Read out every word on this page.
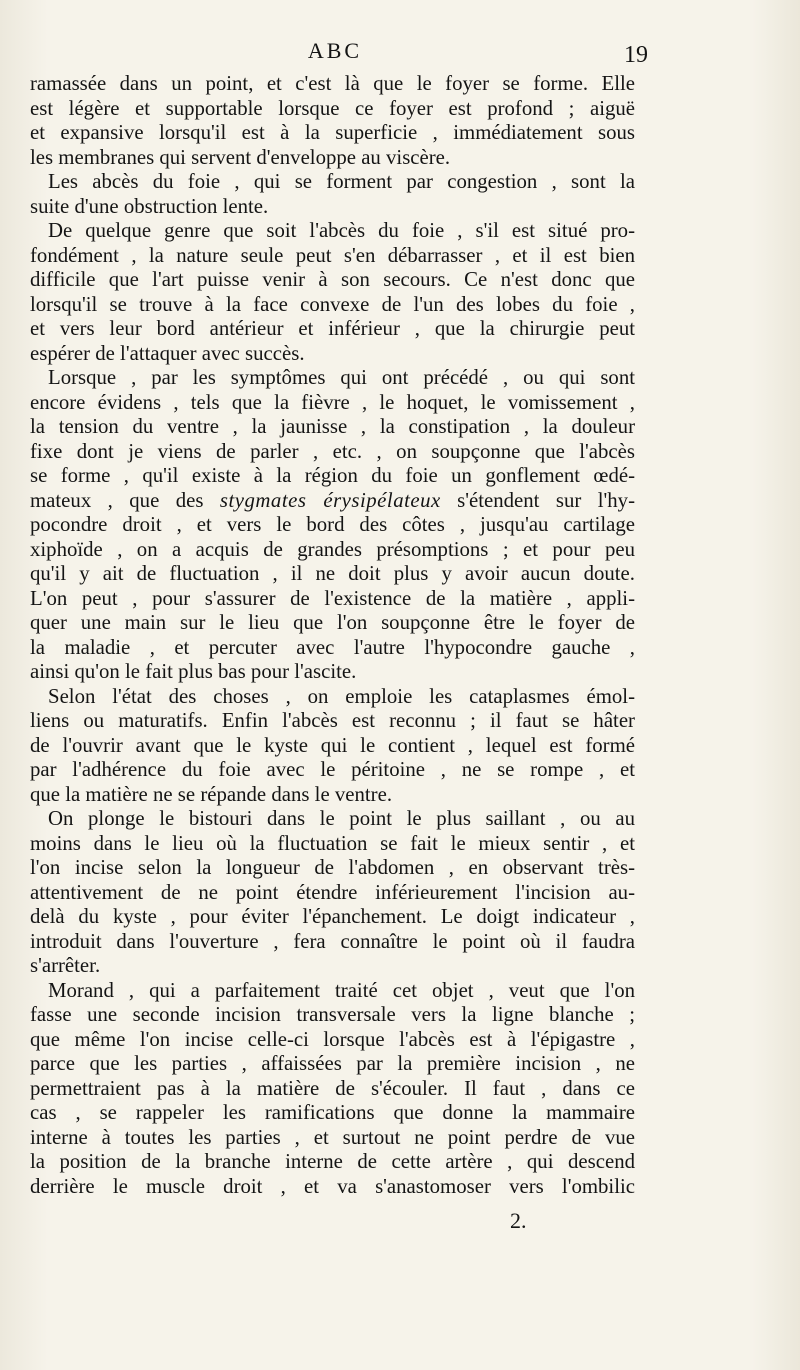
ABC	19
ramassée dans un point, et c'est là que le foyer se forme. Elle
est légère et supportable lorsque ce foyer est profond ; aiguë
et expansive lorsqu'il est à la superficie , immédiatement sous
les membranes qui servent d'enveloppe au viscère.
Les abcès du foie , qui se forment par congestion , sont la
suite d'une obstruction lente.
De quelque genre que soit l'abcès du foie , s'il est situé pro-
fondément , la nature seule peut s'en débarrasser , et il est bien
difficile que l'art puisse venir à son secours. Ce n'est donc que
lorsqu'il se trouve à la face convexe de l'un des lobes du foie ,
et vers leur bord antérieur et inférieur , que la chirurgie peut
espérer de l'attaquer avec succès.
Lorsque , par les symptômes qui ont précédé , ou qui sont
encore évidens , tels que la fièvre , le hoquet, le vomissement ,
la tension du ventre , la jaunisse , la constipation , la douleur
fixe dont je viens de parler , etc. , on soupçonne que l'abcès
se forme , qu'il existe à la région du foie un gonflement œdé-
mateux , que des stygmates érysipélateux s'étendent sur l'hy-
pocondre droit , et vers le bord des côtes , jusqu'au cartilage
xiphoïde , on a acquis de grandes présomptions ; et pour peu
qu'il y ait de fluctuation , il ne doit plus y avoir aucun doute.
L'on peut , pour s'assurer de l'existence de la matière , appli-
quer une main sur le lieu que l'on soupçonne être le foyer de
la maladie , et percuter avec l'autre l'hypocondre gauche ,
ainsi qu'on le fait plus bas pour l'ascite.
Selon l'état des choses , on emploie les cataplasmes émol-
liens ou maturatifs. Enfin l'abcès est reconnu ; il faut se hâter
de l'ouvrir avant que le kyste qui le contient , lequel est formé
par l'adhérence du foie avec le péritoine , ne se rompe , et
que la matière ne se répande dans le ventre.
On plonge le bistouri dans le point le plus saillant , ou au
moins dans le lieu où la fluctuation se fait le mieux sentir , et
l'on incise selon la longueur de l'abdomen , en observant très-
attentivement de ne point étendre inférieurement l'incision au-
delà du kyste , pour éviter l'épanchement. Le doigt indicateur ,
introduit dans l'ouverture , fera connaître le point où il faudra
s'arrêter.
Morand , qui a parfaitement traité cet objet , veut que l'on
fasse une seconde incision transversale vers la ligne blanche ;
que même l'on incise celle-ci lorsque l'abcès est à l'épigastre ,
parce que les parties , affaissées par la première incision , ne
permettraient pas à la matière de s'écouler. Il faut , dans ce
cas , se rappeler les ramifications que donne la mammaire
interne à toutes les parties , et surtout ne point perdre de vue
la position de la branche interne de cette artère , qui descend
derrière le muscle droit , et va s'anastomoser vers l'ombilic
2.
